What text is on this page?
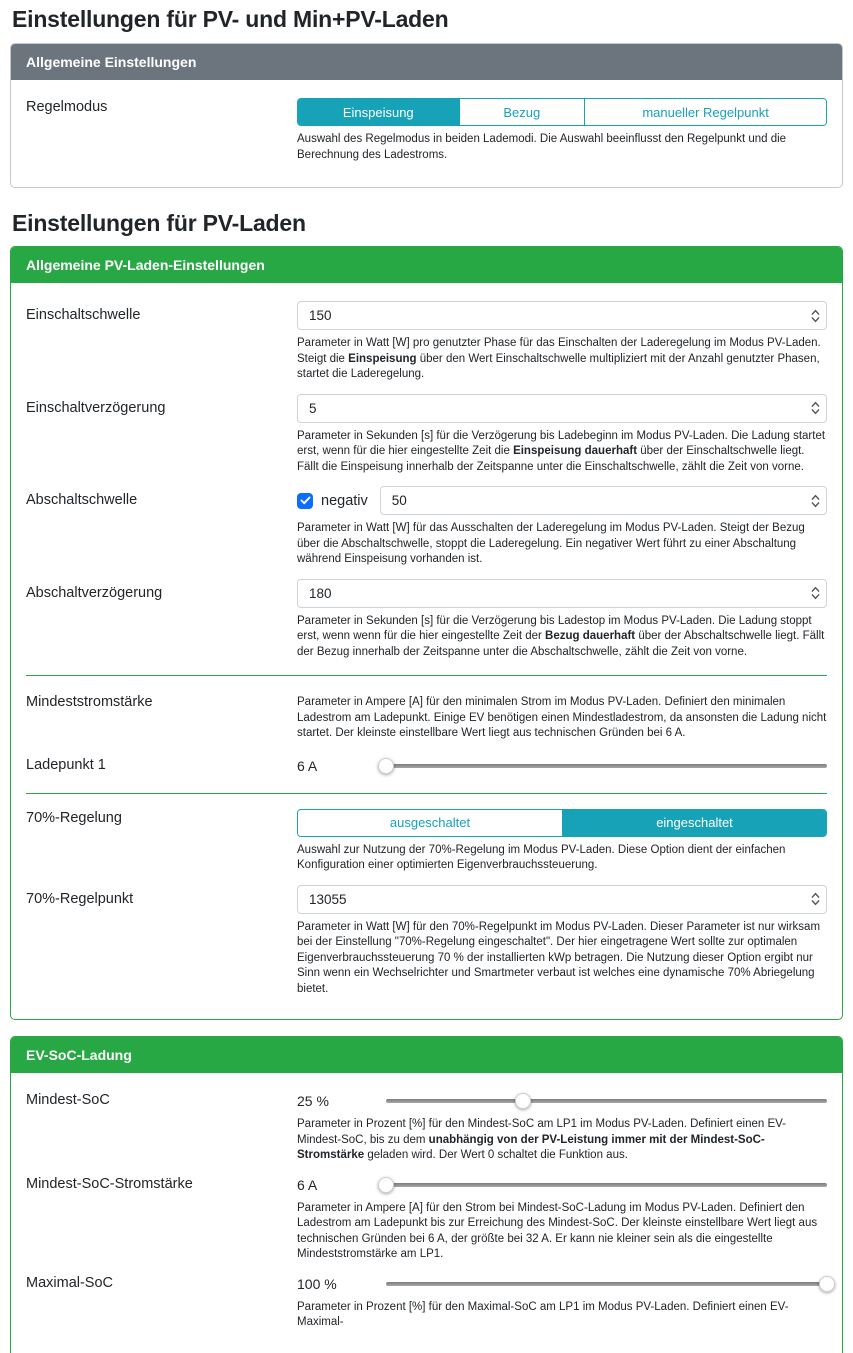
Einstellungen für PV- und Min+PV-Laden
Allgemeine Einstellungen
Regelmodus	Einspeisung	Bezug	manueller Regelpunkt

Auswahl des Regelmodus in beiden Lademodi. Die Auswahl beeinflusst den Regelpunkt und die Berechnung des Ladestroms.

Einstellungen für PV-Laden
Allgemeine PV-Laden-Einstellungen
Einschaltschwelle
150

Parameter in Watt [W] pro genutzter Phase für das Einschalten der Laderegelung im Modus PV-Laden. Steigt die Einspeisung über den Wert Einschaltschwelle multipliziert mit der Anzahl genutzter Phasen, startet die Laderegelung.

Einschaltverzögerung
5

Parameter in Sekunden [s] für die Verzögerung bis Ladebeginn im Modus PV-Laden. Die Ladung startet erst, wenn für die hier eingestellte Zeit die Einspeisung dauerhaft über der Einschaltschwelle liegt. Fällt die Einspeisung innerhalb der Zeitspanne unter die Einschaltschwelle, zählt die Zeit von vorne.

Abschaltschwelle	negativ
50

Parameter in Watt [W] für das Ausschalten der Laderegelung im Modus PV-Laden. Steigt der Bezug über die Abschaltschwelle, stoppt die Laderegelung. Ein negativer Wert führt zu einer Abschaltung während Einspeisung vorhanden ist.

Abschaltverzögerung
180

Parameter in Sekunden [s] für die Verzögerung bis Ladestop im Modus PV-Laden. Die Ladung stoppt erst, wenn wenn für die hier eingestellte Zeit der Bezug dauerhaft über der Abschaltschwelle liegt. Fällt der Bezug innerhalb der Zeitspanne unter die Abschaltschwelle, zählt die Zeit von vorne.

Mindeststromstärke	Parameter in Ampere [A] für den minimalen Strom im Modus PV-Laden. Definiert den minimalen Ladestrom am Ladepunkt. Einige EV benötigen einen Mindestladestrom, da ansonsten die Ladung nicht startet. Der kleinste einstellbare Wert liegt aus technischen Gründen bei 6 A.

Ladepunkt 1	6 A
70%-Regelung	ausgeschaltet	eingeschaltet

Auswahl zur Nutzung der 70%-Regelung im Modus PV-Laden. Diese Option dient der einfachen Konfiguration einer optimierten Eigenverbrauchssteuerung.

70%-Regelpunkt
13055

Parameter in Watt [W] für den 70%-Regelpunkt im Modus PV-Laden. Dieser Parameter ist nur wirksam bei der Einstellung "70%-Regelung eingeschaltet". Der hier eingetragene Wert sollte zur optimalen Eigenverbrauchssteuerung 70 % der installierten kWp betragen. Die Nutzung dieser Option ergibt nur Sinn wenn ein Wechselrichter und Smartmeter verbaut ist welches eine dynamische 70% Abriegelung bietet.

EV-SoC-Ladung
Mindest-SoC	25 %

Parameter in Prozent [%] für den Mindest-SoC am LP1 im Modus PV-Laden. Definiert einen EV-Mindest-SoC, bis zu dem unabhängig von der PV-Leistung immer mit der Mindest-SoC-Stromstärke geladen wird. Der Wert 0 schaltet die Funktion aus.

Mindest-SoC-Stromstärke	6 A

Parameter in Ampere [A] für den Strom bei Mindest-SoC-Ladung im Modus PV-Laden. Definiert den Ladestrom am Ladepunkt bis zur Erreichung des Mindest-SoC. Der kleinste einstellbare Wert liegt aus technischen Gründen bei 6 A, der größte bei 32 A. Er kann nie kleiner sein als die eingestellte Mindeststromstärke am LP1.

Maximal-SoC	100 %

Parameter in Prozent [%] für den Maximal-SoC am LP1 im Modus PV-Laden. Definiert einen EV-Maximal-
